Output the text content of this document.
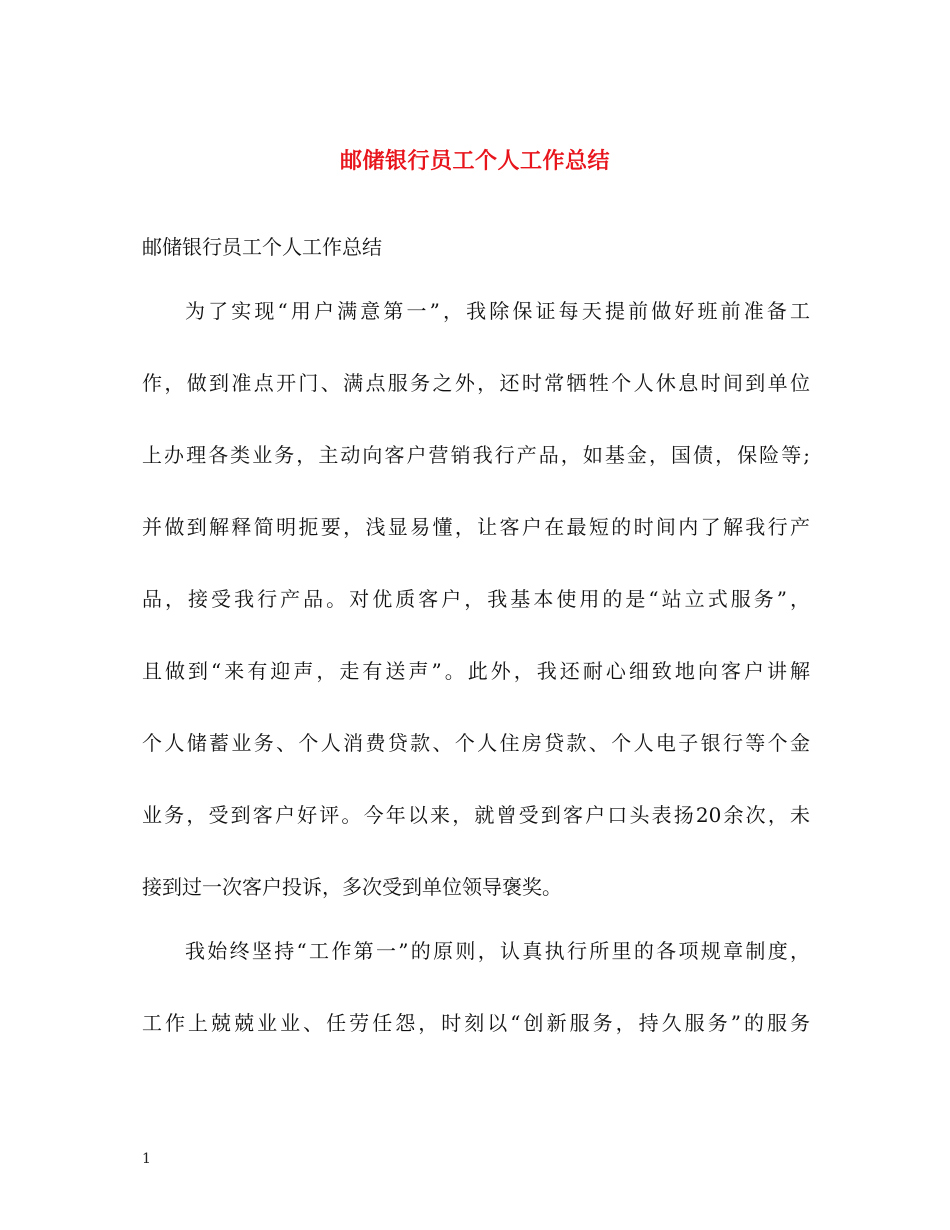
邮储银行员工个人工作总结
邮储银行员工个人工作总结
为了实现“用户满意第一”，我除保证每天提前做好班前准备工
作，做到准点开门、满点服务之外，还时常牺牲个人休息时间到单位
上办理各类业务，主动向客户营销我行产品，如基金，国债，保险等;
并做到解释简明扼要，浅显易懂，让客户在最短的时间内了解我行产
品，接受我行产品。对优质客户，我基本使用的是“站立式服务”，
且做到“来有迎声，走有送声”。此外，我还耐心细致地向客户讲解
个人储蓄业务、个人消费贷款、个人住房贷款、个人电子银行等个金
业务，受到客户好评。今年以来，就曾受到客户口头表扬20余次，未
接到过一次客户投诉，多次受到单位领导褒奖。
我始终坚持“工作第一”的原则，认真执行所里的各项规章制度，
工作上兢兢业业、任劳任怨，时刻以“创新服务，持久服务”的服务
1
